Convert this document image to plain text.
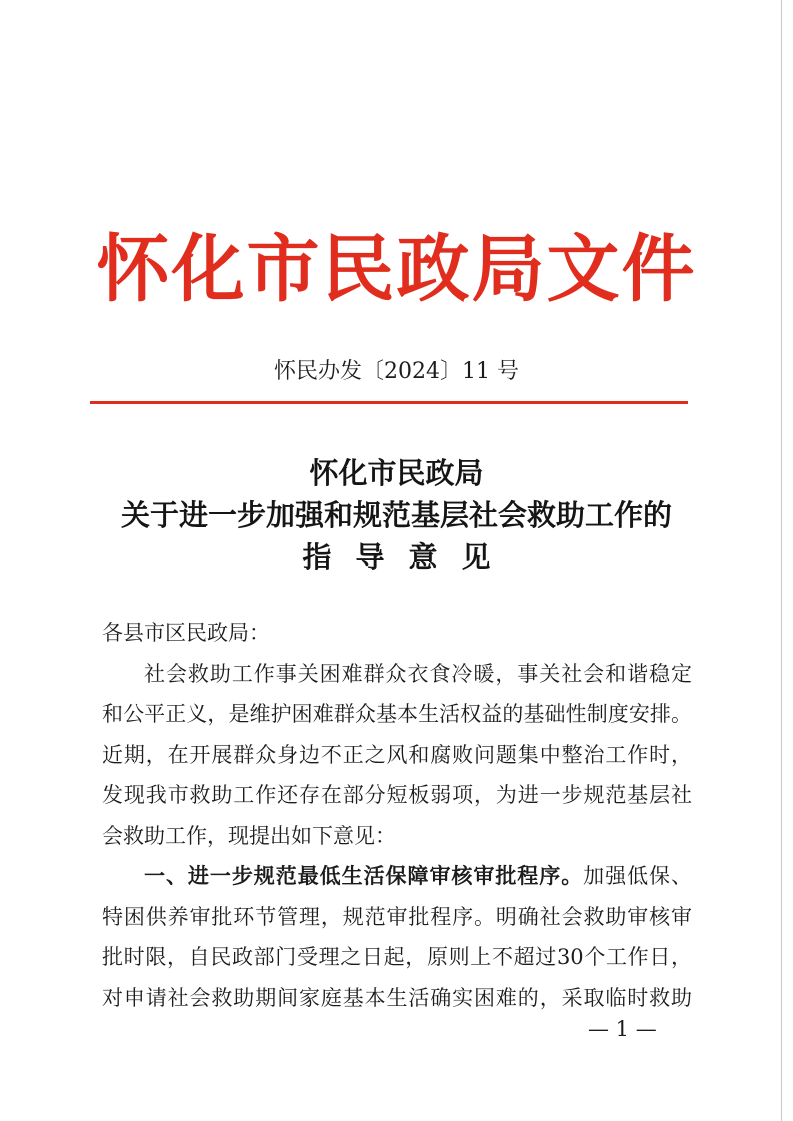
怀化市民政局文件
怀民办发〔2024〕11 号
怀化市民政局
关于进一步加强和规范基层社会救助工作的
指导意见
各县市区民政局：
社会救助工作事关困难群众衣食冷暖，事关社会和谐稳定
和公平正义，是维护困难群众基本生活权益的基础性制度安排。
近期，在开展群众身边不正之风和腐败问题集中整治工作时，
发现我市救助工作还存在部分短板弱项，为进一步规范基层社
会救助工作，现提出如下意见：
一、进一步规范最低生活保障审核审批程序。加强低保、
特困供养审批环节管理，规范审批程序。明确社会救助审核审
批时限，自民政部门受理之日起，原则上不超过30个工作日，
对申请社会救助期间家庭基本生活确实困难的，采取临时救助
— 1 —
